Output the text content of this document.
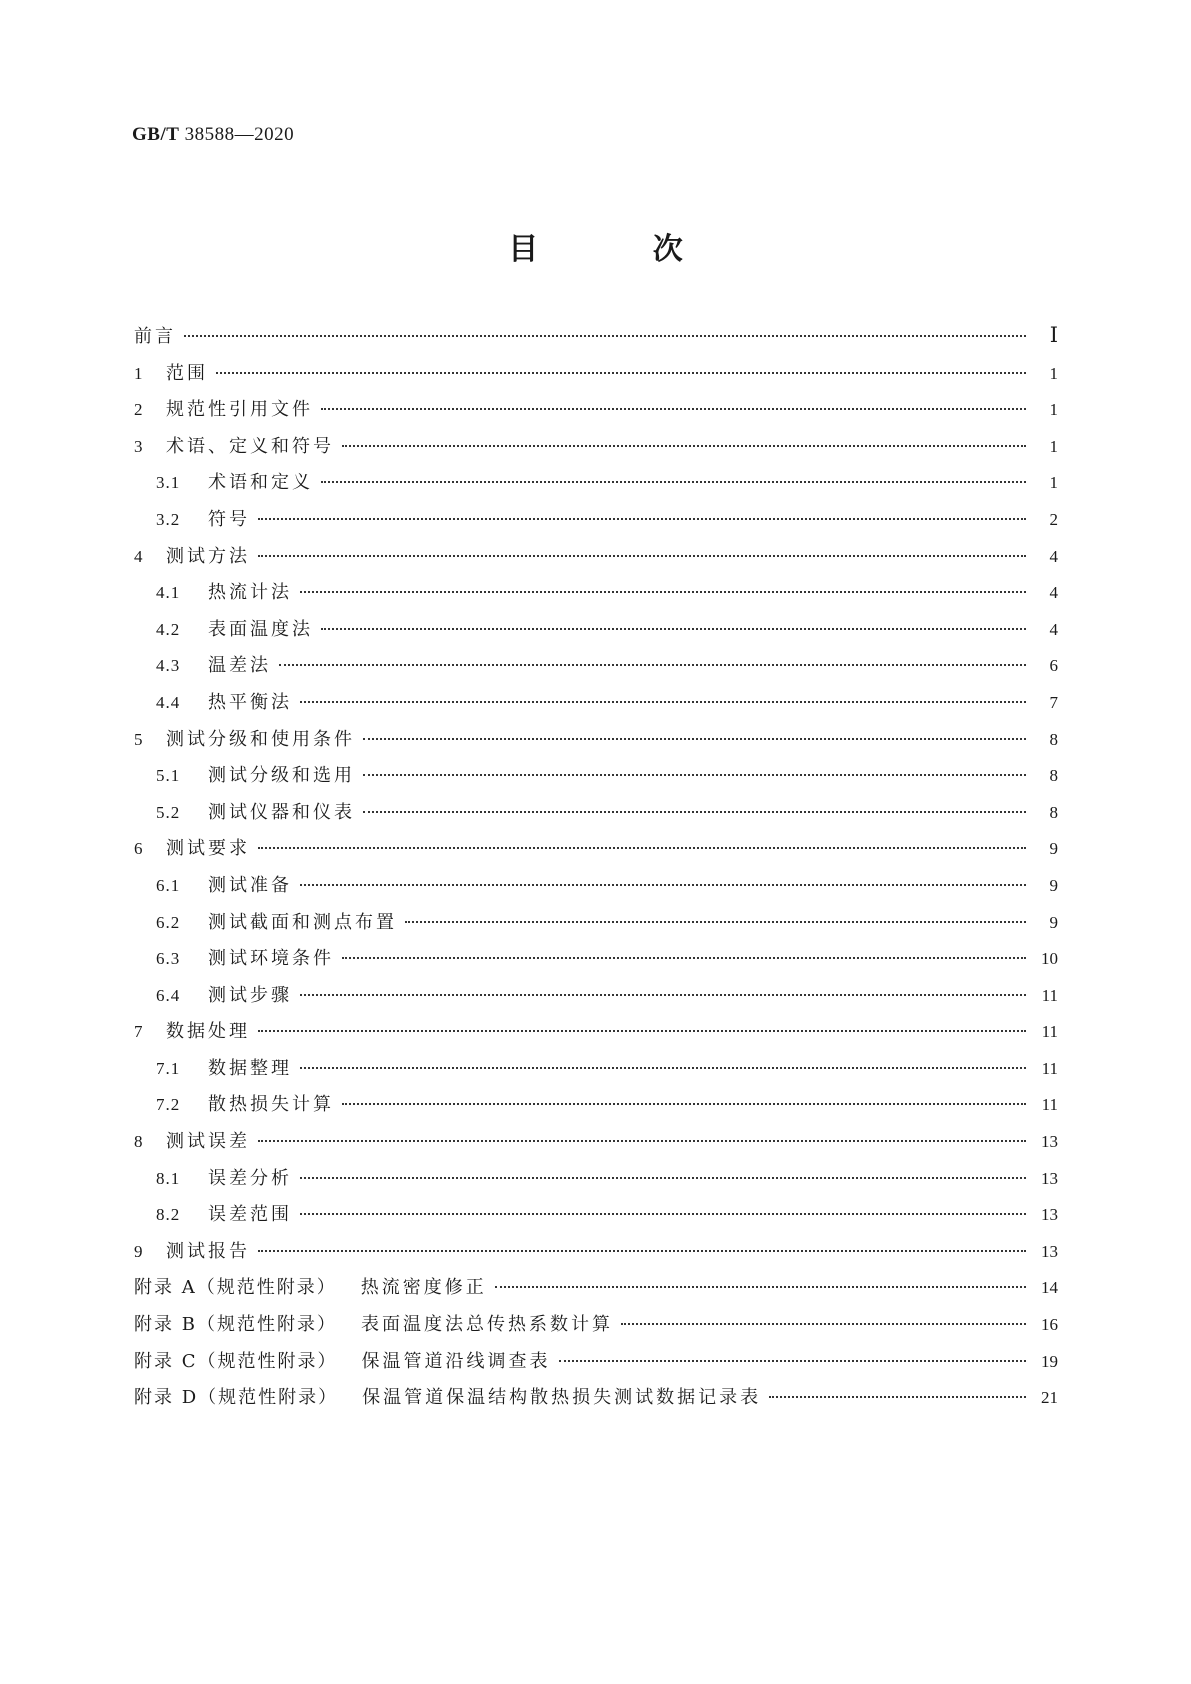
GB/T 38588—2020
目 次
前言	Ⅰ
1	范围	1
2	规范性引用文件	1
3	术语、定义和符号	1
3.1	术语和定义	1
3.2	符号	2
4	测试方法	4
4.1	热流计法	4
4.2	表面温度法	4
4.3	温差法	6
4.4	热平衡法	7
5	测试分级和使用条件	8
5.1	测试分级和选用	8
5.2	测试仪器和仪表	8
6	测试要求	9
6.1	测试准备	9
6.2	测试截面和测点布置	9
6.3	测试环境条件	10
6.4	测试步骤	11
7	数据处理	11
7.1	数据整理	11
7.2	散热损失计算	11
8	测试误差	13
8.1	误差分析	13
8.2	误差范围	13
9	测试报告	13
附录 A（规范性附录） 热流密度修正	14
附录 B（规范性附录） 表面温度法总传热系数计算	16
附录 C（规范性附录） 保温管道沿线调查表	19
附录 D（规范性附录） 保温管道保温结构散热损失测试数据记录表	21
